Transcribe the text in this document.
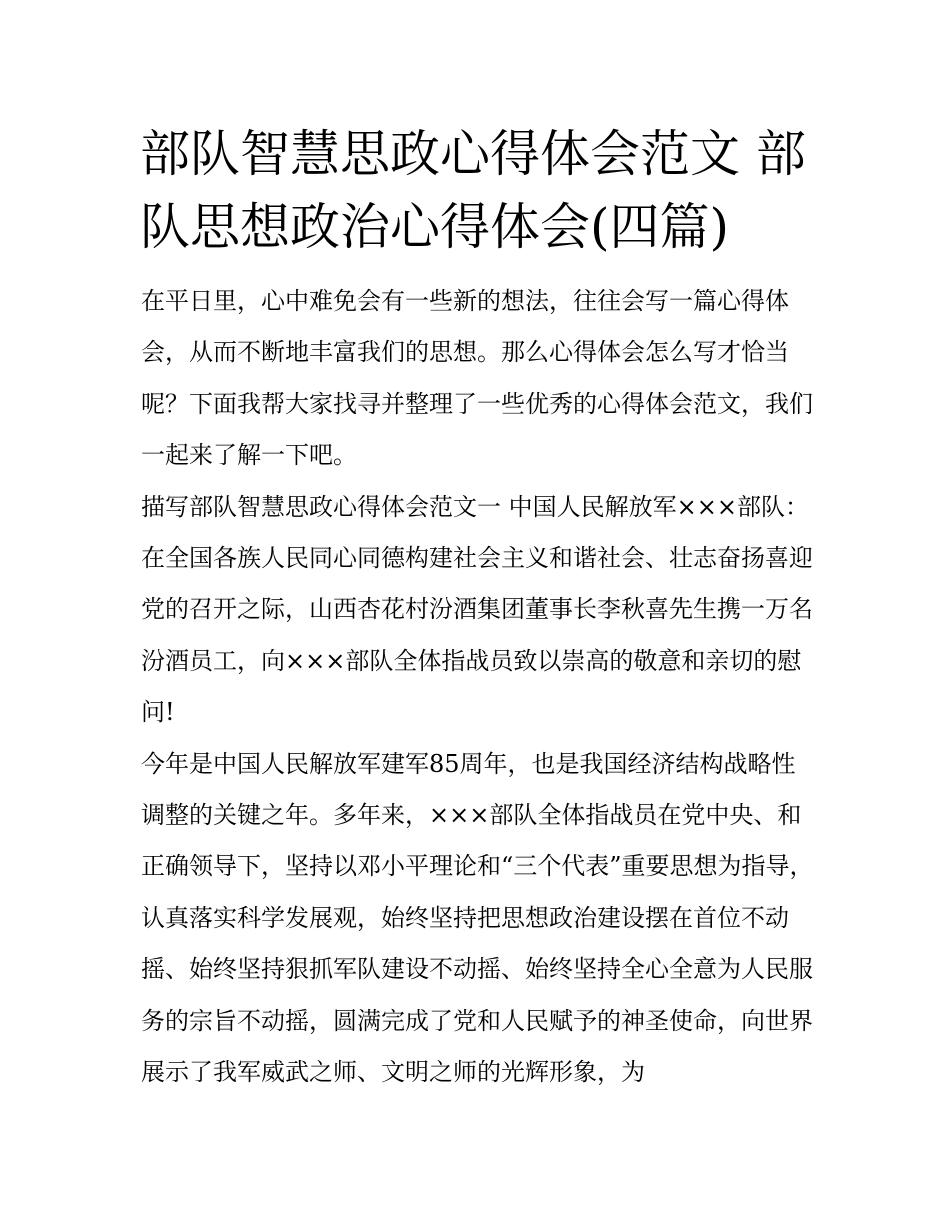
部队智慧思政心得体会范文 部队思想政治心得体会(四篇)

在平日里，心中难免会有一些新的想法，往往会写一篇心得体会，从而不断地丰富我们的思想。那么心得体会怎么写才恰当呢？下面我帮大家找寻并整理了一些优秀的心得体会范文，我们一起来了解一下吧。

描写部队智慧思政心得体会范文一 中国人民解放军×××部队：

在全国各族人民同心同德构建社会主义和谐社会、壮志奋扬喜迎党的召开之际，山西杏花村汾酒集团董事长李秋喜先生携一万名汾酒员工，向×××部队全体指战员致以崇高的敬意和亲切的慰问!

今年是中国人民解放军建军85周年，也是我国经济结构战略性调整的关键之年。多年来，×××部队全体指战员在党中央、和正确领导下，坚持以邓小平理论和“三个代表”重要思想为指导，认真落实科学发展观，始终坚持把思想政治建设摆在首位不动摇、始终坚持狠抓军队建设不动摇、始终坚持全心全意为人民服务的宗旨不动摇，圆满完成了党和人民赋予的神圣使命，向世界展示了我军威武之师、文明之师的光辉形象，为
